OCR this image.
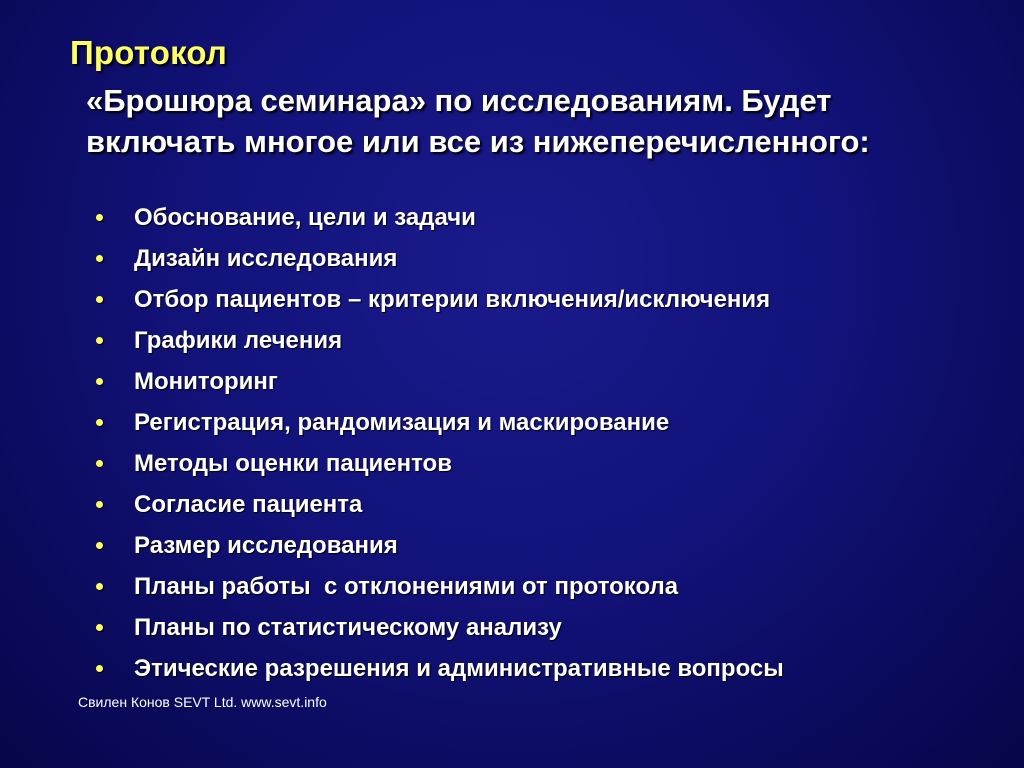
Протокол
«Брошюра семинара» по исследованиям. Будет включать многое или все из нижеперечисленного:
Обоснование, цели и задачи
Дизайн исследования
Отбор пациентов – критерии включения/исключения
Графики лечения
Мониторинг
Регистрация, рандомизация и маскирование
Методы оценки пациентов
Согласие пациента
Размер исследования
Планы работы  с отклонениями от протокола
Планы по статистическому анализу
Этические разрешения и административные вопросы
Свилен Конов SEVT Ltd. www.sevt.info
